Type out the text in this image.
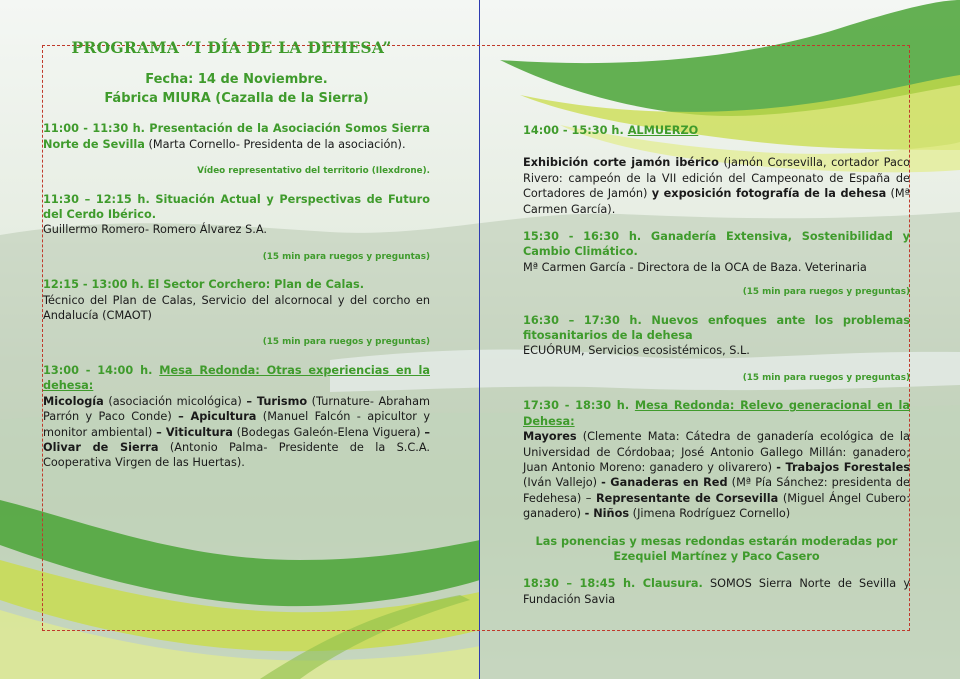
PROGRAMA “I DÍA DE LA DEHESA”
Fecha: 14 de Noviembre.
Fábrica MIURA (Cazalla de la Sierra)
11:00 - 11:30 h. Presentación de la Asociación Somos Sierra Norte de Sevilla (Marta Cornello- Presidenta de la asociación).
Vídeo representativo del territorio (Ilexdrone).
11:30 – 12:15 h. Situación Actual y Perspectivas de Futuro del Cerdo Ibérico.
Guillermo Romero- Romero Álvarez S.A.
(15 min para ruegos y preguntas)
12:15 - 13:00 h. El Sector Corchero: Plan de Calas.
Técnico del Plan de Calas, Servicio del alcornocal y del corcho en Andalucía (CMAOT)
(15 min para ruegos y preguntas)
13:00 - 14:00 h. Mesa Redonda: Otras experiencias en la dehesa:
Micología (asociación micológica) – Turismo (Turnature- Abraham Parrón y Paco Conde) – Apicultura (Manuel Falcón - apicultor y monitor ambiental) – Viticultura (Bodegas Galeón-Elena Viguera) – Olivar de Sierra (Antonio Palma- Presidente de la S.C.A. Cooperativa Virgen de las Huertas).
14:00 - 15:30 h. ALMUERZO
Exhibición corte jamón ibérico (jamón Corsevilla, cortador Paco Rivero: campeón de la VII edición del Campeonato de España de Cortadores de Jamón) y exposición fotografía de la dehesa (Mª Carmen García).
15:30 - 16:30 h. Ganadería Extensiva, Sostenibilidad y Cambio Climático.
Mª Carmen García - Directora de la OCA de Baza. Veterinaria
(15 min para ruegos y preguntas)
16:30 – 17:30 h. Nuevos enfoques ante los problemas fitosanitarios de la dehesa
ECUÓRUM, Servicios ecosistémicos, S.L.
(15 min para ruegos y preguntas)
17:30 - 18:30 h. Mesa Redonda: Relevo generacional en la Dehesa:
Mayores (Clemente Mata: Cátedra de ganadería ecológica de la Universidad de Córdobaa; José Antonio Gallego Millán: ganadero; Juan Antonio Moreno: ganadero y olivarero) - Trabajos Forestales (Iván Vallejo) - Ganaderas en Red (Mª Pía Sánchez: presidenta de Fedehesa) – Representante de Corsevilla (Miguel Ángel Cubero: ganadero) - Niños (Jimena Rodríguez Cornello)
Las ponencias y mesas redondas estarán moderadas por Ezequiel Martínez y Paco Casero
18:30 – 18:45 h. Clausura. SOMOS Sierra Norte de Sevilla y Fundación Savia
